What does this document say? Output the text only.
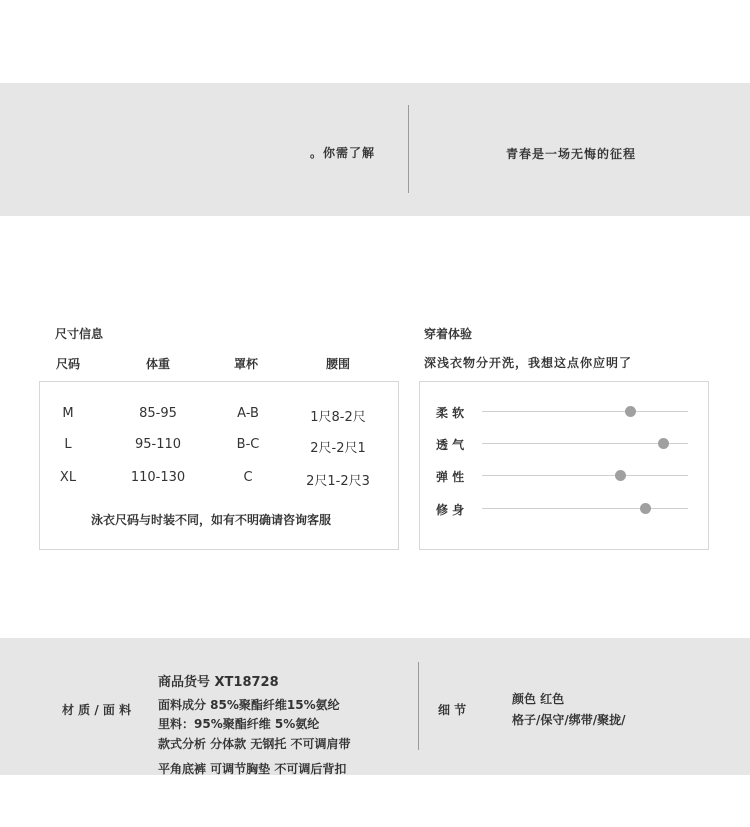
。你需了解	青春是一场无悔的征程
尺寸信息
尺码	体重	罩杯	腰围
M	85-95	A-B	1尺8-2尺
L	95-110	B-C	2尺-2尺1
XL	110-130	C	2尺1-2尺3
泳衣尺码与时装不同，如有不明确请咨询客服
穿着体验
深浅衣物分开洗，我想这点你应明了
柔 软
透 气
弹 性
修 身
材 质 / 面 料
商品货号 XT18728
面料成分 85%聚酯纤维15%氨纶
里料：95%聚酯纤维 5%氨纶
款式分析 分体款 无钢托 不可调肩带
平角底裤 可调节胸垫 不可调后背扣
细 节
颜色 红色
格子/保守/绑带/聚拢/
